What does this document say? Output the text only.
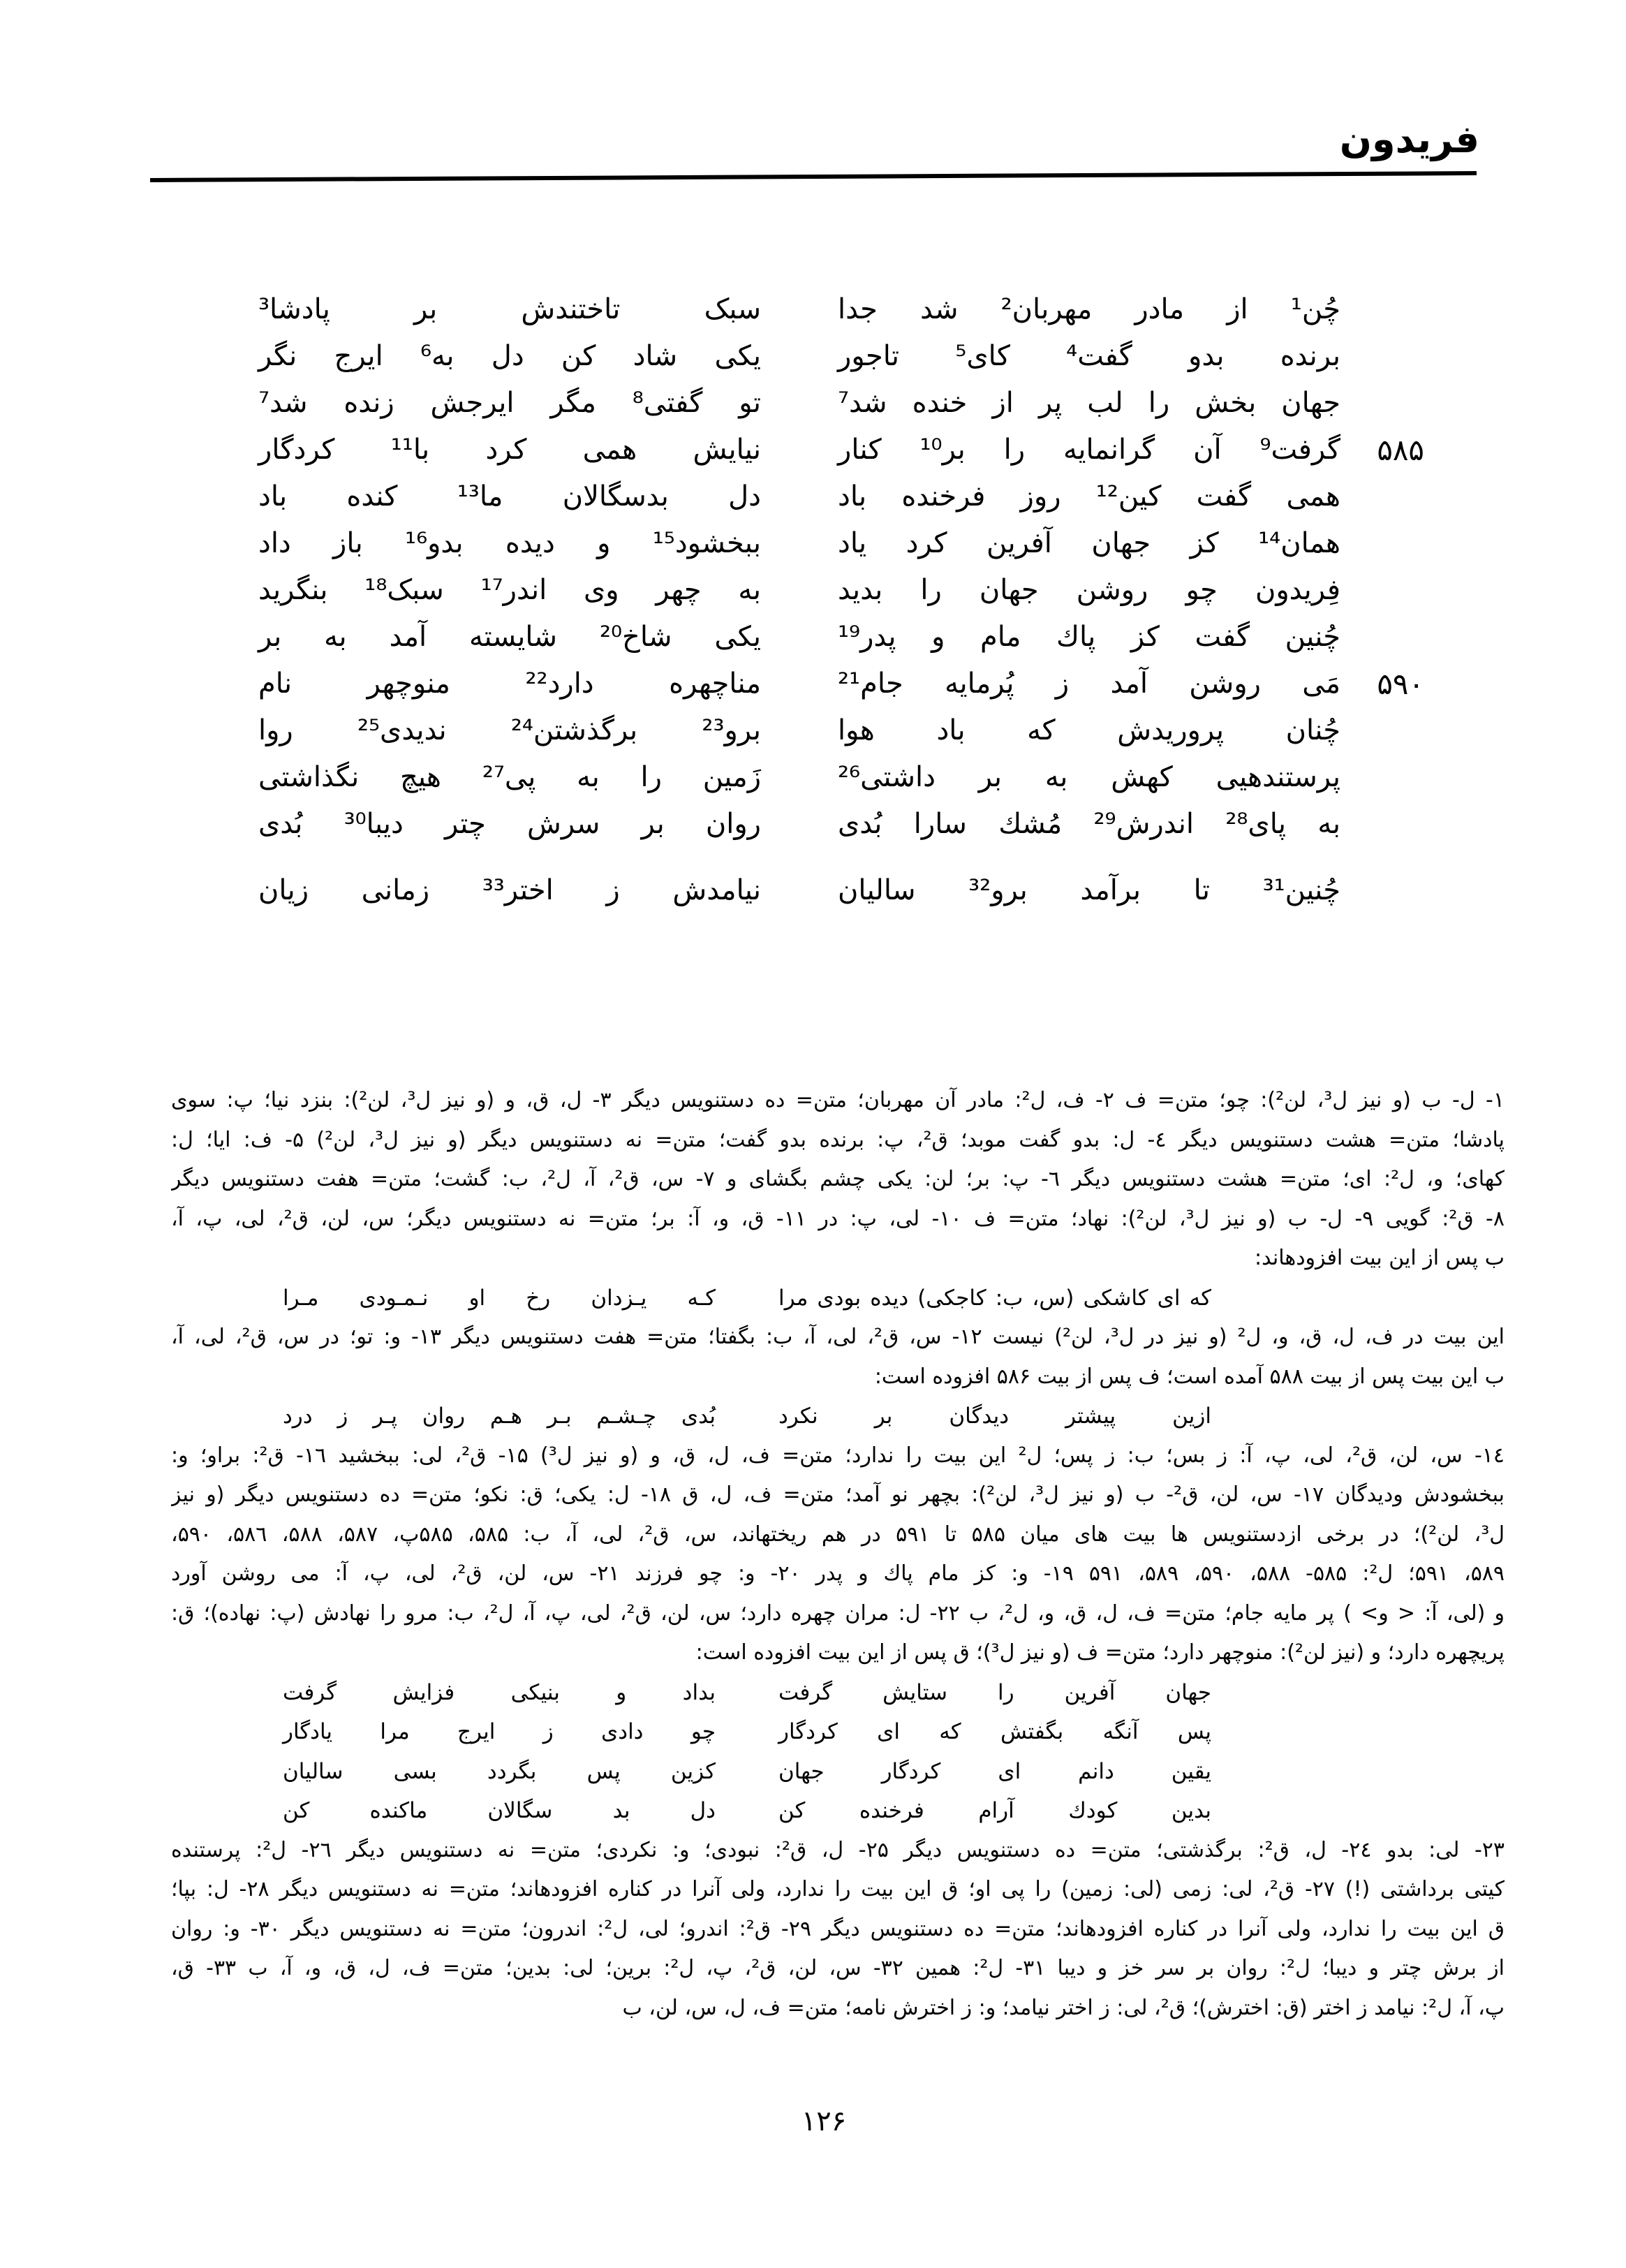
فریدون
چُن¹ از مادر مهربان² شد جدا
سبک تاختندش بر پادشا³
برنده بدو گفت⁴ کای⁵ تاجور
یکی شاد کن دل به⁶ ایرج نگر
جهان بخش را لب پر از خنده شد⁷
تو گفتی⁸ مگر ایرجش زنده شد⁷
۵۸۵
گرفت⁹ آن گرانمایه را بر¹⁰ کنار
نیایش همی کرد با¹¹ کردگار
همی گفت کین¹² روز فرخنده باد
دل بدسگالان ما¹³ کنده باد
همان¹⁴ کز جهان آفرین کرد یاد
ببخشود¹⁵ و دیده بدو¹⁶ باز داد
فِریدون چو روشن جهان را بدید
به چهر وی اندر¹⁷ سبک¹⁸ بنگرید
چُنین گفت کز پاك مام و پدر¹⁹
یکی شاخ²⁰ شایسته آمد به بر
۵۹۰
مَی روشن آمد ز پُرمایه جام²¹
مناچهره دارد²² منوچهر نام
چُنان پروریدش که باد هوا
برو²³ برگذشتن²⁴ ندیدی²⁵ روا
پرستندهیی کهش به بر داشتی²⁶
زَمین را به پی²⁷ هیچ نگذاشتی
به پای²⁸ اندرش²⁹ مُشك سارا بُدی
روان بر سرش چتر دیبا³⁰ بُدی
چُنین³¹ تا برآمد برو³² سالیان
نیامدش ز اختر³³ زمانی زیان
۱- ل- ب (و نیز ل³، لن²): چو؛ متن= ف ۲- ف، ل²: مادر آن مهربان؛ متن= ده دستنویس دیگر ۳- ل، ق، و (و نیز ل³، لن²): بنزد نیا؛ پ: سوی
پادشا؛ متن= هشت دستنویس دیگر ٤- ل: بدو گفت موبد؛ ق²، پ: برنده بدو گفت؛ متن= نه دستنویس دیگر (و نیز ل³، لن²) ۵- ف: ایا؛ ل:
کهای؛ و، ل²: ای؛ متن= هشت دستنویس دیگر ٦- پ: بر؛ لن: یکی چشم بگشای و ۷- س، ق²، آ، ل²، ب: گشت؛ متن= هفت دستنویس دیگر
۸- ق²: گویی ۹- ل- ب (و نیز ل³، لن²): نهاد؛ متن= ف ۱۰- لی، پ: در ۱۱- ق، و، آ: بر؛ متن= نه دستنویس دیگر؛ س، لن، ق²، لی، پ، آ،
ب پس از این بیت افزودهاند:
که ای کاشکی (س، ب: کاجکی) دیده بودی مرا
کـه یـزدان رخ او نـمـودی مـرا
این بیت در ف، ل، ق، و، ل² (و نیز در ل³، لن²) نیست ۱۲- س، ق²، لی، آ، ب: بگفتا؛ متن= هفت دستنویس دیگر ۱۳- و: تو؛ در س، ق²، لی، آ،
ب این بیت پس از بیت ۵۸۸ آمده است؛ ف پس از بیت ۵۸۶ افزوده است:
ازین پیشتر دیدگان بر نکرد
بُدی چـشـم بـر هـم روان پـر ز درد
۱٤- س، لن، ق²، لی، پ، آ: ز بس؛ ب: ز پس؛ ل² این بیت را ندارد؛ متن= ف، ل، ق، و (و نیز ل³) ۱۵- ق²، لی: ببخشید ۱٦- ق²: براو؛ و:
ببخشودش ودیدگان ۱۷- س، لن، ق²- ب (و نیز ل³، لن²): بچهر نو آمد؛ متن= ف، ل، ق ۱۸- ل: یکی؛ ق: نکو؛ متن= ده دستنویس دیگر (و نیز
ل³، لن²)؛ در برخی ازدستنویس ها بیت های میان ۵۸۵ تا ۵۹۱ در هم ریختهاند، س، ق²، لی، آ، ب: ۵۸۵، ۵۸۵پ، ۵۸۷، ۵۸۸، ۵۸٦، ۵۹۰،
۵۸۹، ۵۹۱؛ ل²: ۵۸۵- ۵۸۸، ۵۹۰، ۵۸۹، ۵۹۱ ۱۹- و: کز مام پاك و پدر ۲۰- و: چو فرزند ۲۱- س، لن، ق²، لی، پ، آ: می روشن آورد
و (لی، آ: < و> ) پر مایه جام؛ متن= ف، ل، ق، و، ل²، ب ۲۲- ل: مران چهره دارد؛ س، لن، ق²، لی، پ، آ، ل²، ب: مرو را نهادش (پ: نهاده)؛ ق:
پریچهره دارد؛ و (نیز لن²): منوچهر دارد؛ متن= ف (و نیز ل³)؛ ق پس از این بیت افزوده است:
جهان آفرین را ستایش گرفت
بداد و بنیکی فزایش گرفت
پس آنگه بگفتش که ای کردگار
چو دادی ز ایرج مرا یادگار
یقین دانم ای کردگار جهان
کزین پس بگردد بسی سالیان
بدین کودك آرام فرخنده کن
دل بد سگالان ماکنده کن
۲۳- لی: بدو ۲٤- ل، ق²: برگذشتی؛ متن= ده دستنویس دیگر ۲۵- ل، ق²: نبودی؛ و: نکردی؛ متن= نه دستنویس دیگر ۲٦- ل²: پرستنده
کیتی برداشتی (!) ۲۷- ق²، لی: زمی (لی: زمین) را پی او؛ ق این بیت را ندارد، ولی آنرا در کناره افزودهاند؛ متن= نه دستنویس دیگر ۲۸- ل: بپا؛
ق این بیت را ندارد، ولی آنرا در کناره افزودهاند؛ متن= ده دستنویس دیگر ۲۹- ق²: اندرو؛ لی، ل²: اندرون؛ متن= نه دستنویس دیگر ۳۰- و: روان
از برش چتر و دیبا؛ ل²: روان بر سر خز و دیبا ۳۱- ل²: همین ۳۲- س، لن، ق²، پ، ل²: برین؛ لی: بدین؛ متن= ف، ل، ق، و، آ، ب ۳۳- ق،
پ، آ، ل²: نیامد ز اختر (ق: اخترش)؛ ق²، لی: ز اختر نیامد؛ و: ز اخترش نامه؛ متن= ف، ل، س، لن، ب
۱۲۶
